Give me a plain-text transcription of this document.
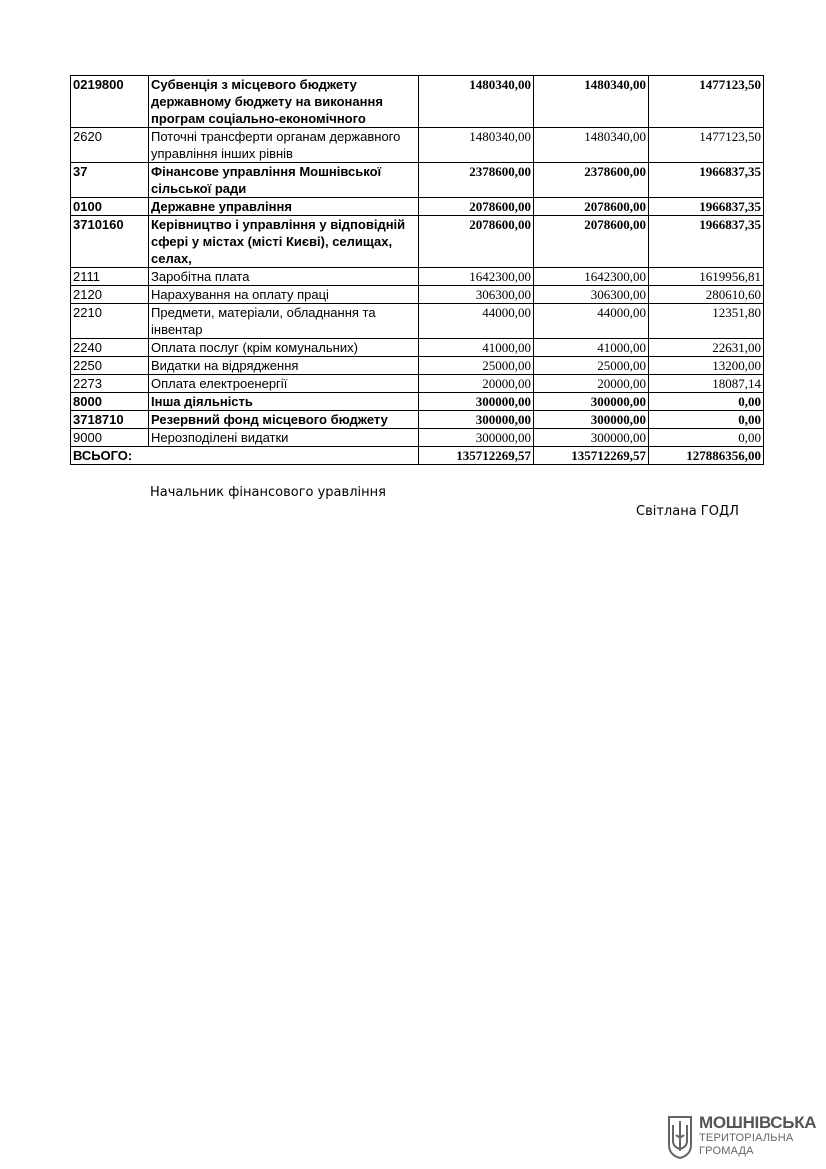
0219800	Субвенція з місцевого бюджету державному бюджету на виконання програм соціально-економічного	1480340,00	1480340,00	1477123,50
2620	Поточні трансферти органам державного управління інших рівнів	1480340,00	1480340,00	1477123,50
37	Фінансове управління Мошнівської сільської ради	2378600,00	2378600,00	1966837,35
0100	Державне управління	2078600,00	2078600,00	1966837,35
3710160	Керівництво і управління у відповідній сфері у містах (місті Києві), селищах, селах,	2078600,00	2078600,00	1966837,35
2111	Заробітна плата	1642300,00	1642300,00	1619956,81
2120	Нарахування на оплату праці	306300,00	306300,00	280610,60
2210	Предмети, матеріали, обладнання та інвентар	44000,00	44000,00	12351,80
2240	Оплата послуг (крім комунальних)	41000,00	41000,00	22631,00
2250	Видатки на відрядження	25000,00	25000,00	13200,00
2273	Оплата електроенергії	20000,00	20000,00	18087,14
8000	Інша діяльність	300000,00	300000,00	0,00
3718710	Резервний фонд місцевого бюджету	300000,00	300000,00	0,00
9000	Нерозподілені видатки	300000,00	300000,00	0,00
ВСЬОГО:		135712269,57	135712269,57	127886356,00
Начальник фінансового уравління
Світлана ГОДЛ
МОШНІВСЬКА
ТЕРИТОРІАЛЬНА
ГРОМАДА
